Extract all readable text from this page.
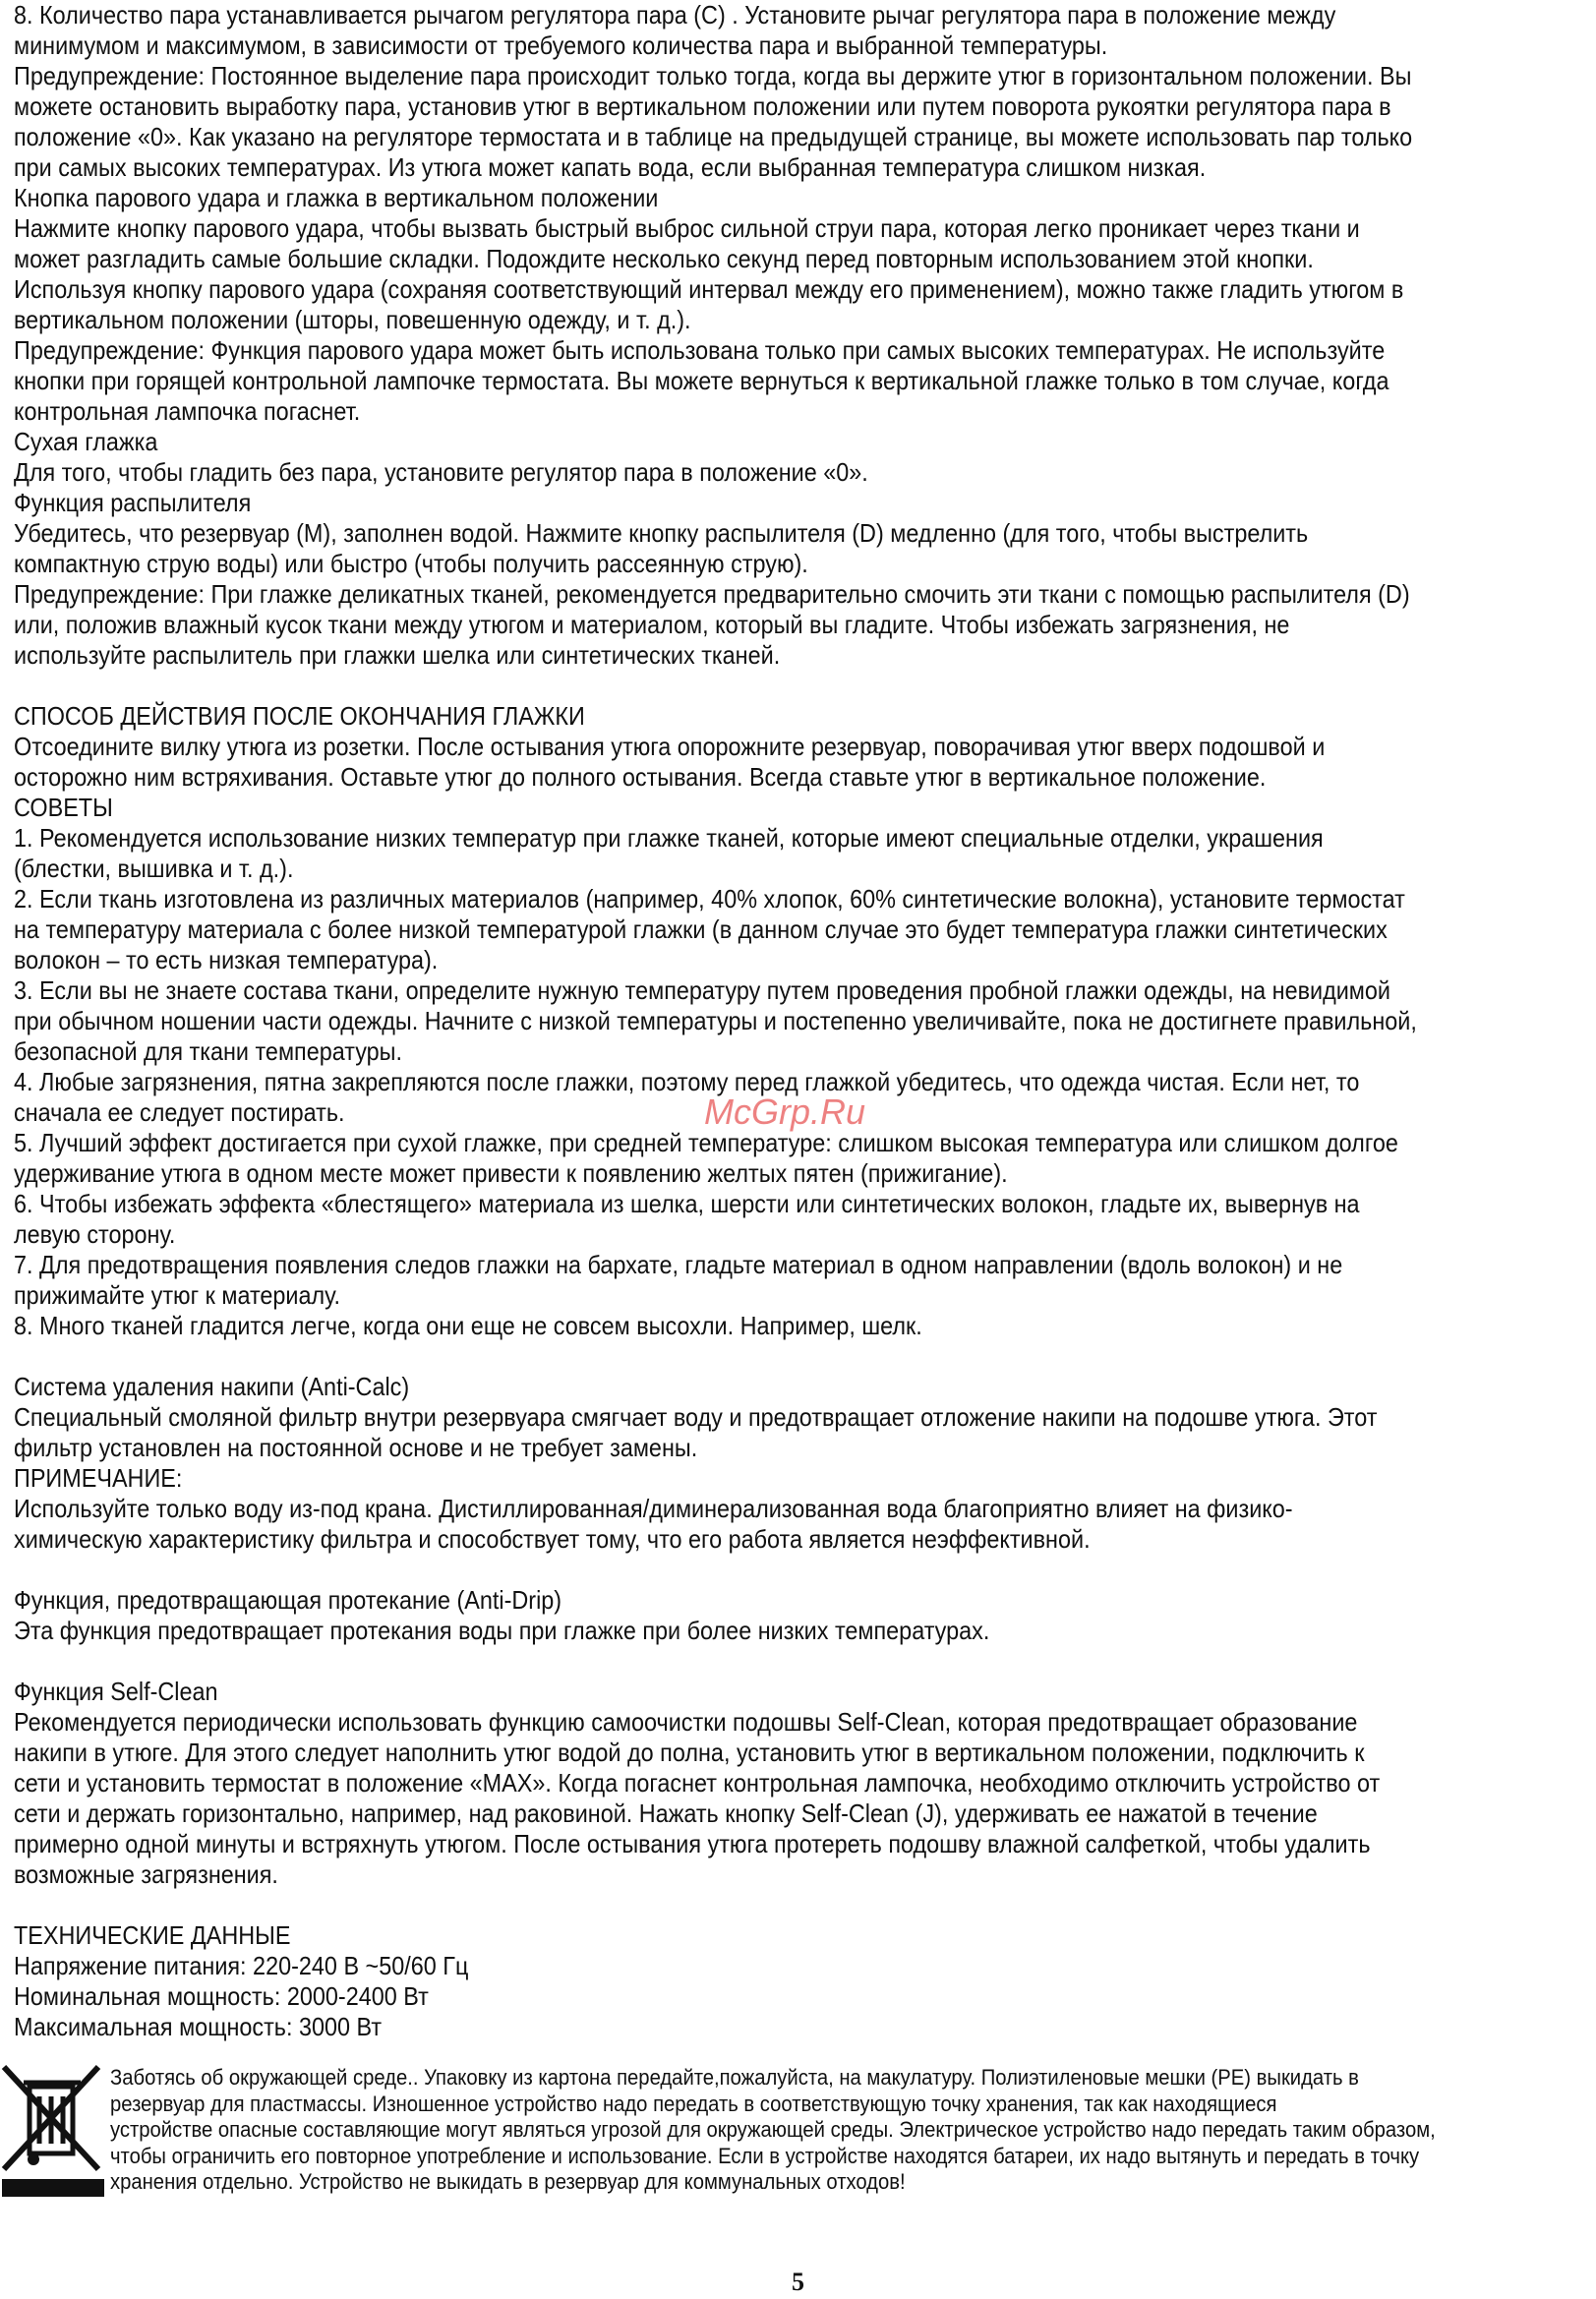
8. Количество пара устанавливается рычагом регулятора пара (C) . Установите рычаг регулятора пара в положение между

минимумом и максимумом, в зависимости от требуемого количества пара и выбранной температуры.

Предупреждение: Постоянное выделение пара происходит только тогда, когда вы держите утюг в горизонтальном положении. Вы

можете остановить выработку пара, установив утюг в вертикальном положении или путем поворота рукоятки регулятора пара в

положение «0». Как указано на регуляторе термостата и в таблице на предыдущей странице, вы можете использовать пар только

при самых высоких температурах. Из утюга может капать вода, если выбранная температура слишком низкая.

Кнопка парового удара и глажка в вертикальном положении

Нажмите кнопку парового удара, чтобы вызвать быстрый выброс сильной струи пара, которая легко проникает через ткани и

может разгладить самые большие складки. Подождите несколько секунд перед повторным использованием этой кнопки.

Используя кнопку парового удара (сохраняя соответствующий интервал между его применением), можно также гладить утюгом в

вертикальном положении (шторы, повешенную одежду, и т. д.).

Предупреждение: Функция парового удара может быть использована только при самых высоких температурах. Не используйте

кнопки при горящей контрольной лампочке термостата. Вы можете вернуться к вертикальной глажке только в том случае, когда

контрольная лампочка погаснет.

Сухая глажка

Для того, чтобы гладить без пара, установите регулятор пара в положение «0».

Функция распылителя

Убедитесь, что резервуар (M), заполнен водой. Нажмите кнопку распылителя (D) медленно (для того, чтобы выстрелить

компактную струю воды) или быстро (чтобы получить рассеянную струю).

Предупреждение: При глажке деликатных тканей, рекомендуется предварительно смочить эти ткани с помощью распылителя (D)

или, положив влажный кусок ткани между утюгом и материалом, который вы гладите. Чтобы избежать загрязнения, не

используйте распылитель при глажки шелка или синтетических тканей.

СПОСОБ ДЕЙСТВИЯ ПОСЛЕ ОКОНЧАНИЯ ГЛАЖКИ

Отсоедините вилку утюга из розетки. После остывания утюга опорожните резервуар, поворачивая утюг вверх подошвой и

осторожно ним встряхивания. Оставьте утюг до полного остывания. Всегда ставьте утюг в вертикальное положение.

СОВЕТЫ

1. Рекомендуется использование низких температур при глажке тканей, которые имеют специальные отделки, украшения

(блестки, вышивка и т. д.).

2. Если ткань изготовлена из различных материалов (например, 40% хлопок, 60% синтетические волокна), установите термостат

на температуру материала с более низкой температурой глажки (в данном случае это будет температура глажки синтетических

волокон – то есть низкая температура).

3. Если вы не знаете состава ткани, определите нужную температуру путем проведения пробной глажки одежды, на невидимой

при обычном ношении части одежды. Начните с низкой температуры и постепенно увеличивайте, пока не достигнете правильной,

безопасной для ткани температуры.

4. Любые загрязнения, пятна закрепляются после глажки, поэтому перед глажкой убедитесь, что одежда чистая. Если нет, то

сначала ее следует постирать.

5. Лучший эффект достигается при сухой глажке, при средней температуре: слишком высокая температура или слишком долгое

удерживание утюга в одном месте может привести к появлению желтых пятен (прижигание).

6. Чтобы избежать эффекта «блестящего» материала из шелка, шерсти или синтетических волокон, гладьте их, вывернув на

левую сторону.

7. Для предотвращения появления следов глажки на бархате, гладьте материал в одном направлении (вдоль волокон) и не

прижимайте утюг к материалу.

8. Много тканей гладится легче, когда они еще не совсем высохли. Например, шелк.

Система удаления накипи (Anti-Calc)

Специальный смоляной фильтр внутри резервуара смягчает воду и предотвращает отложение накипи на подошве утюга. Этот

фильтр установлен на постоянной основе и не требует замены.

ПРИМЕЧАНИЕ:

Используйте только воду из-под крана. Дистиллированная/диминерализованная вода благоприятно влияет на физико-

химическую характеристику фильтра и способствует тому, что его работа является неэффективной.

Функция, предотвращающая протекание (Anti-Drip)

Эта функция предотвращает протекания воды при глажке при более низких температурах.

Функция Self-Clean

Рекомендуется периодически использовать функцию самоочистки подошвы Self-Clean, которая предотвращает образование

накипи в утюге. Для этого следует наполнить утюг водой до полна, установить утюг в вертикальном положении, подключить к

сети и установить термостат в положение «MAX». Когда погаснет контрольная лампочка, необходимо отключить устройство от

сети и держать горизонтально, например, над раковиной. Нажать кнопку Self-Clean (J), удерживать ее нажатой в течение

примерно одной минуты и встряхнуть утюгом. После остывания утюга протереть подошву влажной салфеткой, чтобы удалить

возможные загрязнения.

ТЕХНИЧЕСКИЕ ДАННЫЕ

Напряжение питания: 220-240 В ~50/60 Гц

Номинальная мощность: 2000-2400 Вт

Максимальная мощность: 3000 Вт

Заботясь об окружающей среде.. Упаковку из картона передайте,пожалуйста, на макулатуру. Полиэтиленовые мешки (PE) выкидать в

резервуар для пластмассы. Изношенное устройство надо передать в соответствующую точку хранения, так как находящиеся

устройстве опасные составляющие могут являться угрозой для окружающей среды. Электрическое устройство надо передать таким образом,

чтобы ограничить его повторное употребление и использование. Если в устройстве находятся батареи, их надо вытянуть и передать в точку

хранения отдельно. Устройство не выкидать в резервуар для коммунальных отходов!

McGrp.Ru
5
